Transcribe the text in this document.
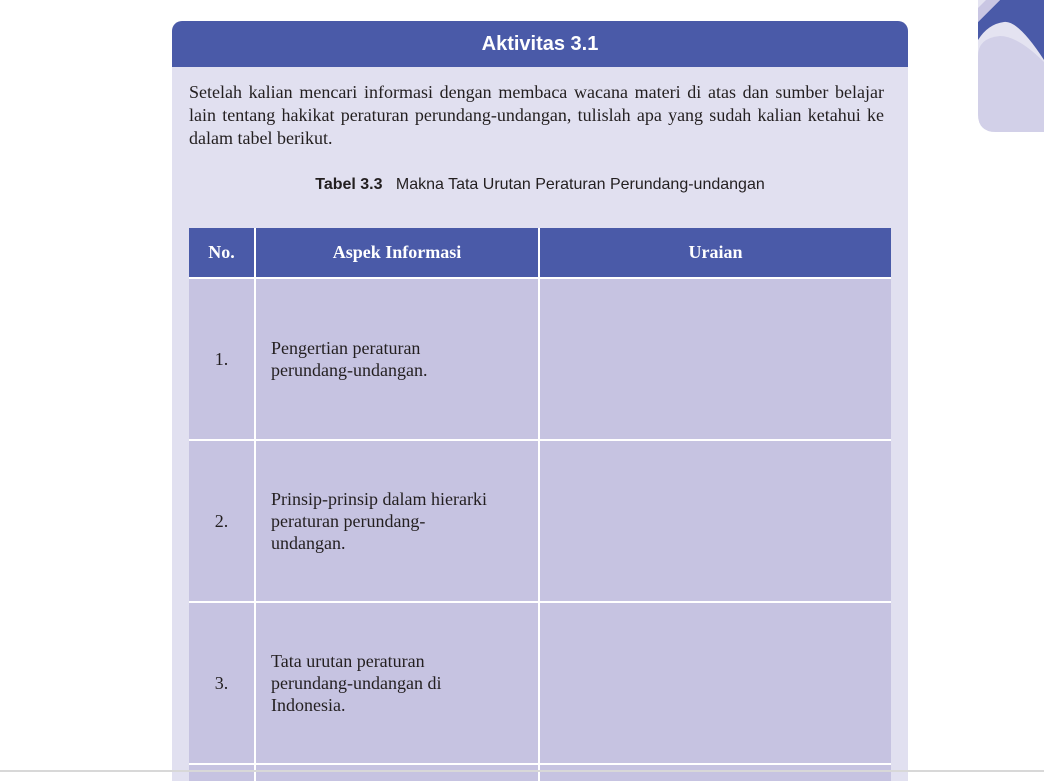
Aktivitas 3.1

Setelah kalian mencari informasi dengan membaca wacana materi di atas dan sumber belajar lain tentang hakikat peraturan perundang-undangan, tulislah apa yang sudah kalian ketahui ke dalam tabel berikut.

Tabel 3.3 Makna Tata Urutan Peraturan Perundang-undangan
No.	Aspek Informasi	Uraian
1.
Pengertian peraturan perundang-undangan.
2.
Prinsip-prinsip dalam hierarki peraturan perundang-undangan.
3.
Tata urutan peraturan perundang-undangan di Indonesia.
